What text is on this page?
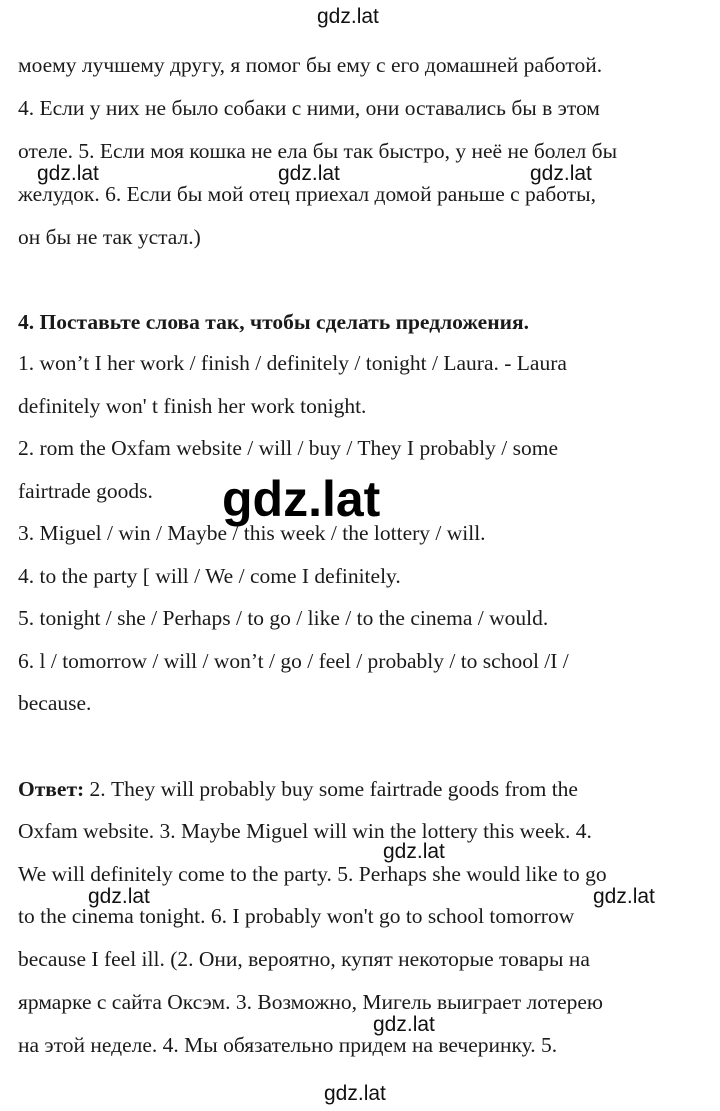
gdz.lat
gdz.lat	gdz.lat	gdz.lat
gdz.lat
gdz.lat
gdz.lat	gdz.lat
gdz.lat
gdz.lat
моему лучшему другу, я помог бы ему с его домашней работой.
4. Если у них не было собаки с ними, они оставались бы в этом
отеле. 5. Если моя кошка не ела бы так быстро, у неё не болел бы
желудок. 6. Если бы мой отец приехал домой раньше с работы,
он бы не так устал.)
4. Поставьте слова так, чтобы сделать предложения.
1. won’t I her work / finish / definitely / tonight / Laura. - Laura
definitely won' t finish her work tonight.
2. rom the Oxfam website / will / buy / They I probably / some
fairtrade goods.
3. Miguel / win / Maybe / this week / the lottery / will.
4. to the party [ will / We / come I definitely.
5. tonight / she / Perhaps / to go / like / to the cinema / would.
6. l / tomorrow / will / won’t / go / feel / probably / to school /I /
because.
Ответ: 2. They will probably buy some fairtrade goods from the
Oxfam website. 3. Maybe Miguel will win the lottery this week. 4.
We will definitely come to the party. 5. Perhaps she would like to go
to the cinema tonight. 6. I probably won't go to school tomorrow
because I feel ill. (2. Они, вероятно, купят некоторые товары на
ярмарке с сайта Оксэм. 3. Возможно, Мигель выиграет лотерею
на этой неделе. 4. Мы обязательно придем на вечеринку. 5.
